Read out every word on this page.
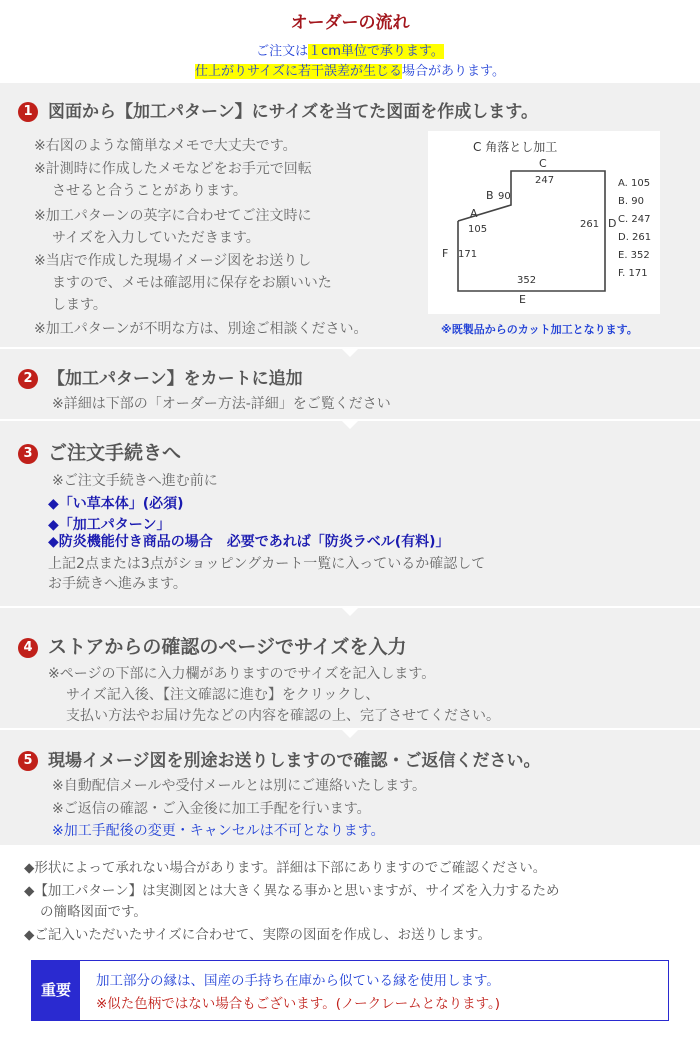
オーダーの流れ
ご注文は１cm単位で承ります。
仕上がりサイズに若干誤差が生じる場合があります。
1 図面から【加工パターン】にサイズを当てた図面を作成します。
※右図のような簡単なメモで大丈夫です。
※計測時に作成したメモなどをお手元で回転
させると合うことがあります。
※加工パターンの英字に合わせてご注文時に
サイズを入力していただきます。
※当店で作成した現場イメージ図をお送りし
ますので、メモは確認用に保存をお願いいた
します。
※加工パターンが不明な方は、別途ご相談ください。
C 角落とし加工
C
247
B 90
A
105	261 D
F 171
352
E
A. 105
B. 90
C. 247
D. 261
E. 352
F. 171
※既製品からのカット加工となります。
2 【加工パターン】をカートに追加
※詳細は下部の「オーダー方法-詳細」をご覧ください
3 ご注文手続きへ
※ご注文手続きへ進む前に
◆「い草本体」(必須)
◆「加工パターン」
◆防炎機能付き商品の場合　必要であれば「防炎ラベル(有料)」
上記2点または3点がショッピングカート一覧に入っているか確認して
お手続きへ進みます。
4 ストアからの確認のページでサイズを入力
※ページの下部に入力欄がありますのでサイズを記入します。
サイズ記入後、【注文確認に進む】をクリックし、
支払い方法やお届け先などの内容を確認の上、完了させてください。
5 現場イメージ図を別途お送りしますので確認・ご返信ください。
※自動配信メールや受付メールとは別にご連絡いたします。
※ご返信の確認・ご入金後に加工手配を行います。
※加工手配後の変更・キャンセルは不可となります。
◆形状によって承れない場合があります。詳細は下部にありますのでご確認ください。
◆【加工パターン】は実測図とは大きく異なる事かと思いますが、サイズを入力するため
の簡略図面です。
◆ご記入いただいたサイズに合わせて、実際の図面を作成し、お送りします。
重要	加工部分の縁は、国産の手持ち在庫から似ている縁を使用します。
※似た色柄ではない場合もございます。(ノークレームとなります。)
